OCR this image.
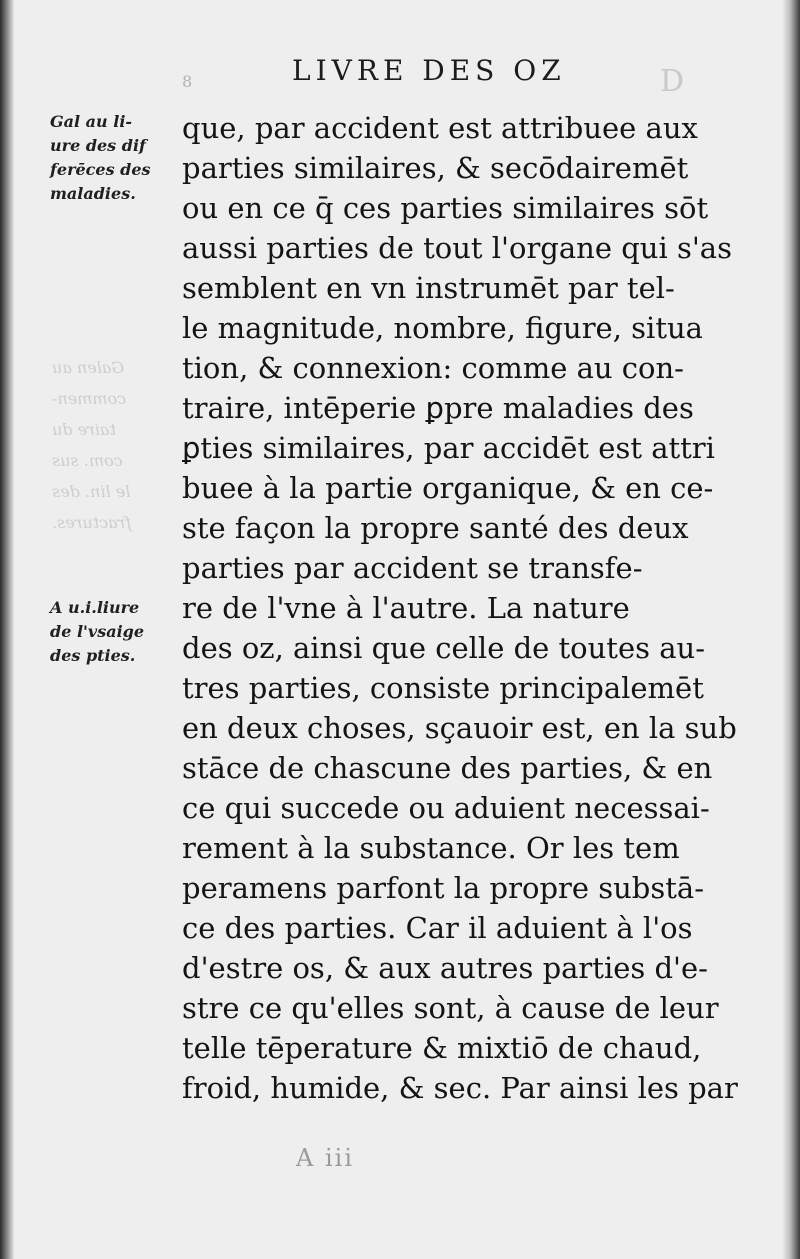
Galen au
commen-
taire du
com. sus
le lin. des
fractures.
D
8	LIVRE DES OZ
Gal au li-
ure des dif
ferēces des
maladies.
A u.i.liure
de l'vsaige
des pties.
que, par accident est attribuee aux
parties similaires, & secōdairemēt
ou en ce q̄ ces parties similaires sōt
aussi parties de tout l'organe qui s'as
semblent en vn instrumēt par tel-
le magnitude, nombre, figure, situa
tion, & connexion: comme au con-
traire, intēperie ꝑpre maladies des
ꝑties similaires, par accidēt est attri
buee à la partie organique, & en ce-
ste façon la propre santé des deux
parties par accident se transfe-
re de l'vne à l'autre. La nature
des oz, ainsi que celle de toutes au-
tres parties, consiste principalemēt
en deux choses, sçauoir est, en la sub
stāce de chascune des parties, & en
ce qui succede ou aduient necessai-
rement à la substance. Or les tem
peramens parfont la propre substā-
ce des parties. Car il aduient à l'os
d'estre os, & aux autres parties d'e-
stre ce qu'elles sont, à cause de leur
telle tēperature & mixtiō de chaud,
froid, humide, & sec. Par ainsi les par
A iii
